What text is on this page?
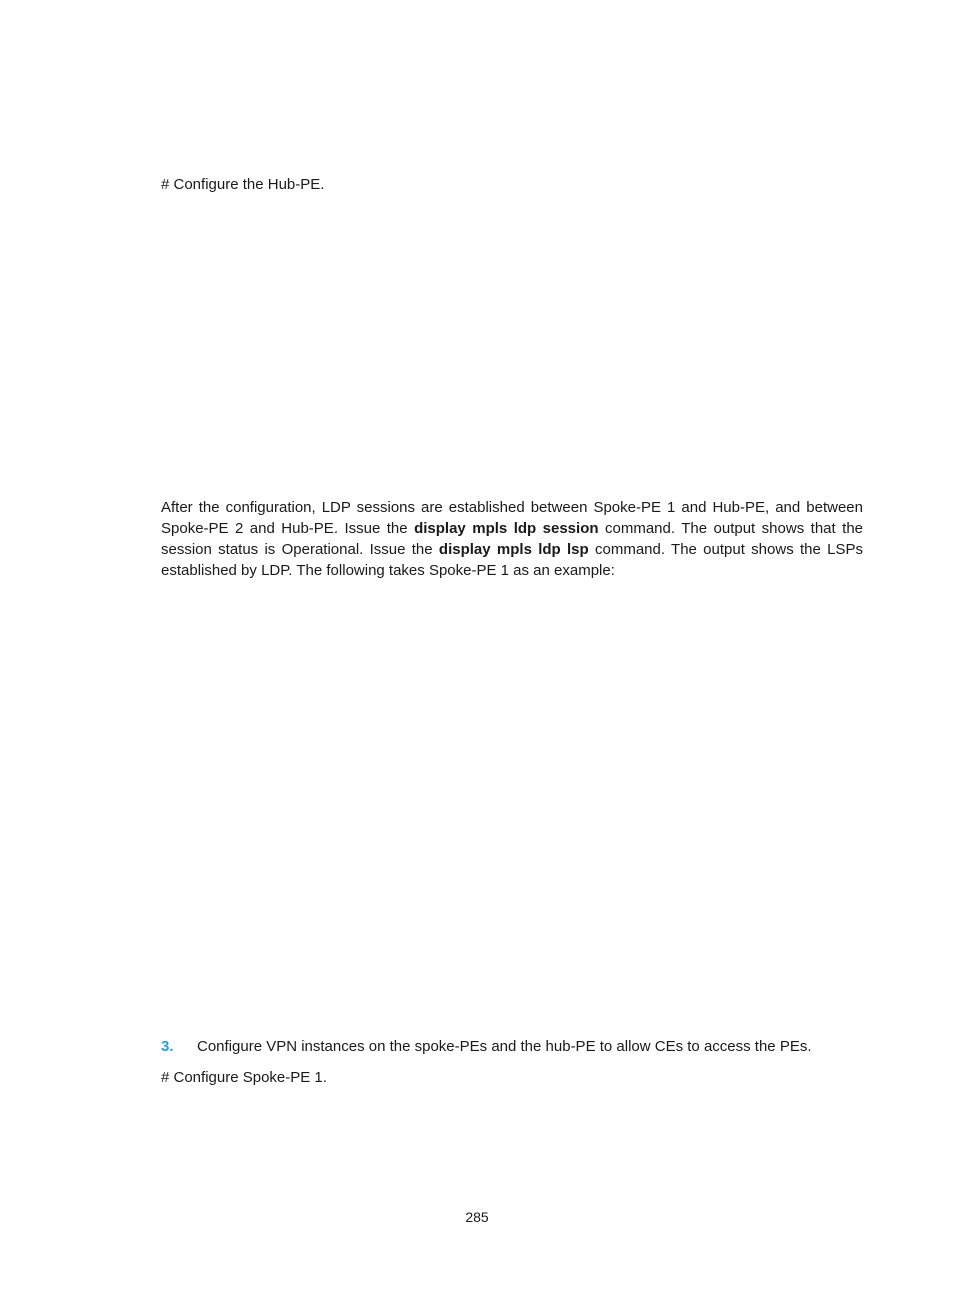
# Configure the Hub-PE.
After the configuration, LDP sessions are established between Spoke-PE 1 and Hub-PE, and between Spoke-PE 2 and Hub-PE. Issue the display mpls ldp session command. The output shows that the session status is Operational. Issue the display mpls ldp lsp command. The output shows the LSPs established by LDP. The following takes Spoke-PE 1 as an example:
3. Configure VPN instances on the spoke-PEs and the hub-PE to allow CEs to access the PEs.
# Configure Spoke-PE 1.
285
